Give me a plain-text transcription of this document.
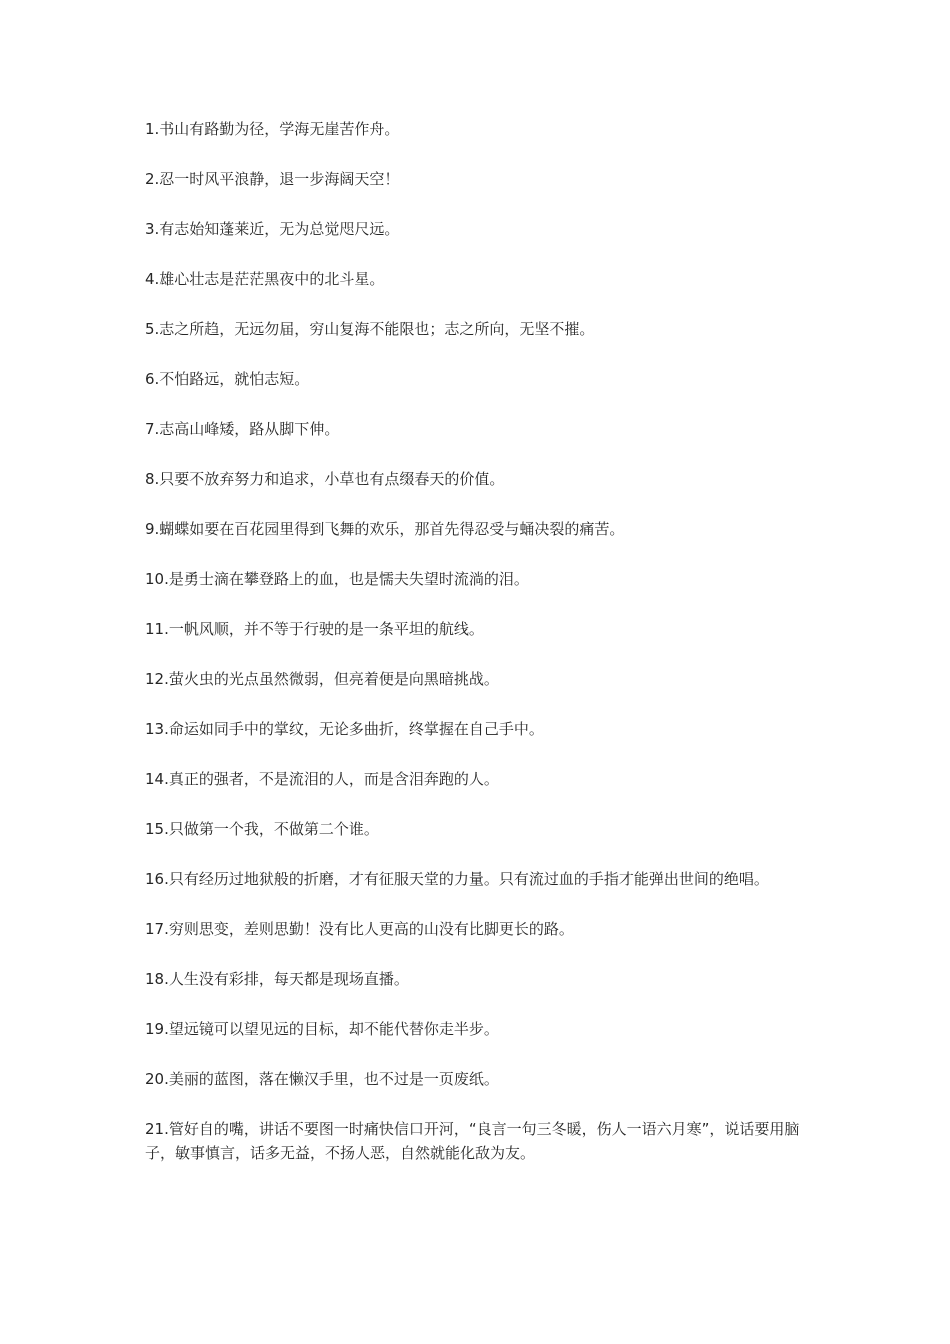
1.书山有路勤为径，学海无崖苦作舟。

2.忍一时风平浪静，退一步海阔天空！

3.有志始知蓬莱近，无为总觉咫尺远。

4.雄心壮志是茫茫黑夜中的北斗星。

5.志之所趋，无远勿届，穷山复海不能限也；志之所向，无坚不摧。

6.不怕路远，就怕志短。

7.志高山峰矮，路从脚下伸。

8.只要不放弃努力和追求，小草也有点缀春天的价值。

9.蝴蝶如要在百花园里得到飞舞的欢乐，那首先得忍受与蛹决裂的痛苦。

10.是勇士滴在攀登路上的血，也是懦夫失望时流淌的泪。

11.一帆风顺，并不等于行驶的是一条平坦的航线。

12.萤火虫的光点虽然微弱，但亮着便是向黑暗挑战。

13.命运如同手中的掌纹，无论多曲折，终掌握在自己手中。

14.真正的强者，不是流泪的人，而是含泪奔跑的人。

15.只做第一个我，不做第二个谁。

16.只有经历过地狱般的折磨，才有征服天堂的力量。只有流过血的手指才能弹出世间的绝唱。

17.穷则思变，差则思勤！没有比人更高的山没有比脚更长的路。

18.人生没有彩排，每天都是现场直播。

19.望远镜可以望见远的目标，却不能代替你走半步。

20.美丽的蓝图，落在懒汉手里，也不过是一页废纸。

21.管好自的嘴，讲话不要图一时痛快信口开河，“良言一句三冬暖，伤人一语六月寒”，说话要用脑子，敏事慎言，话多无益，不扬人恶，自然就能化敌为友。
